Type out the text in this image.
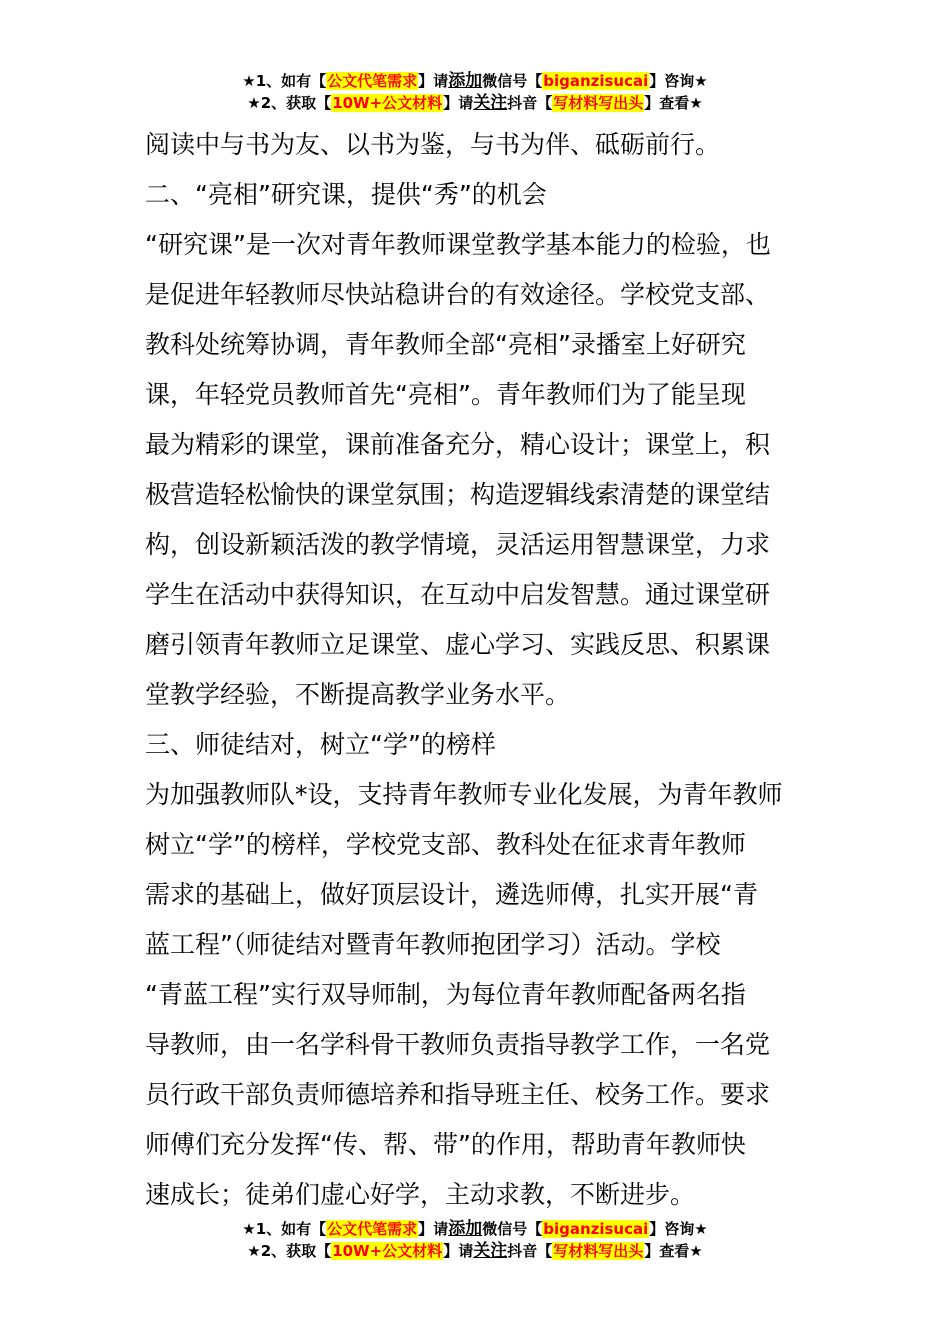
★1、如有【公文代笔需求】请添加微信号【biganzisucai】咨询★
★2、获取【10W+公文材料】请关注抖音【写材料写出头】查看★
阅读中与书为友、以书为鉴，与书为伴、砥砺前行。
二、“亮相”研究课，提供“秀”的机会
“研究课”是一次对青年教师课堂教学基本能力的检验，也
是促进年轻教师尽快站稳讲台的有效途径。学校党支部、
教科处统筹协调，青年教师全部“亮相”录播室上好研究
课，年轻党员教师首先“亮相”。青年教师们为了能呈现
最为精彩的课堂，课前准备充分，精心设计；课堂上，积
极营造轻松愉快的课堂氛围；构造逻辑线索清楚的课堂结
构，创设新颖活泼的教学情境，灵活运用智慧课堂，力求
学生在活动中获得知识，在互动中启发智慧。通过课堂研
磨引领青年教师立足课堂、虚心学习、实践反思、积累课
堂教学经验，不断提高教学业务水平。
三、师徒结对，树立“学”的榜样
为加强教师队*设，支持青年教师专业化发展，为青年教师
树立“学”的榜样，学校党支部、教科处在征求青年教师
需求的基础上，做好顶层设计，遴选师傅，扎实开展“青
蓝工程”（师徒结对暨青年教师抱团学习）活动。学校
“青蓝工程”实行双导师制，为每位青年教师配备两名指
导教师，由一名学科骨干教师负责指导教学工作，一名党
员行政干部负责师德培养和指导班主任、校务工作。要求
师傅们充分发挥“传、帮、带”的作用，帮助青年教师快
速成长；徒弟们虚心好学，主动求教，不断进步。
★1、如有【公文代笔需求】请添加微信号【biganzisucai】咨询★
★2、获取【10W+公文材料】请关注抖音【写材料写出头】查看★
